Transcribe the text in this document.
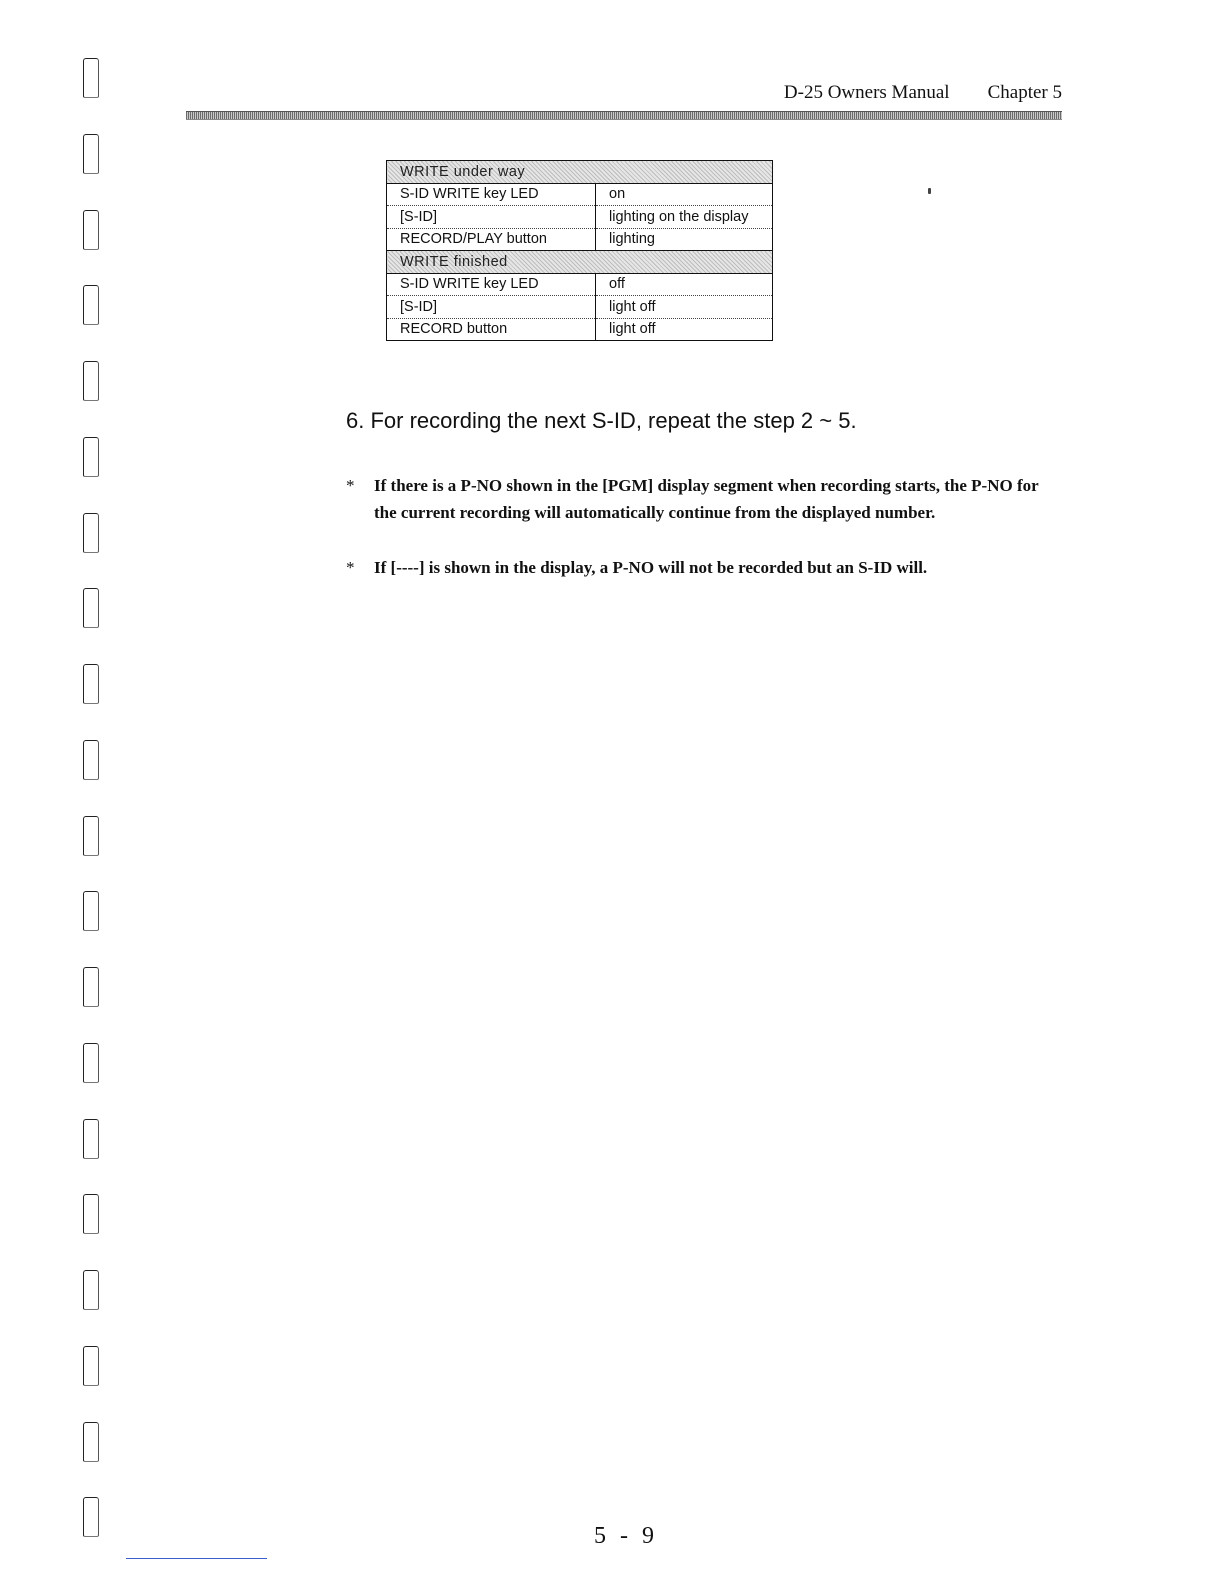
D-25 Owners Manual Chapter 5
WRITE under way	
S-ID WRITE key LED	on
[S-ID]	lighting on the display
RECORD/PLAY button	lighting
WRITE finished	
S-ID WRITE key LED	off
[S-ID]	light off
RECORD button	light off
6. For recording the next S-ID, repeat the step 2 ~ 5.
* If there is a P-NO shown in the [PGM] display segment when recording starts, the P-NO for the current recording will automatically continue from the displayed number.
* If [----] is shown in the display, a P-NO will not be recorded but an S-ID will.
5 - 9
